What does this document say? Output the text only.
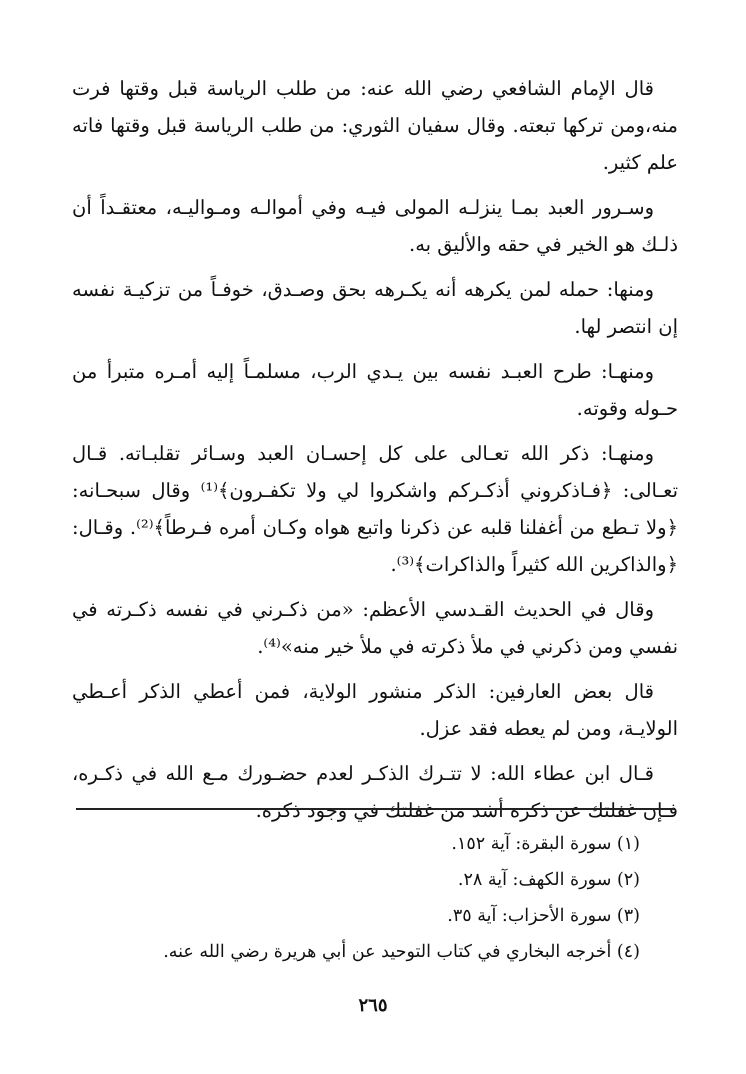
قال الإمام الشافعي رضي الله عنه: من طلب الرياسة قبل وقتها فرت منه،ومن تركها تبعته. وقال سفيان الثوري: من طلب الرياسة قبل وقتها فاته علم كثير.

وسـرور العبد بمـا ينزلـه المولى فيـه وفي أموالـه ومـواليـه، معتقـداً أن ذلـك هو الخير في حقه والأليق به.

ومنها: حمله لمن يكرهه أنه يكـرهه بحق وصـدق، خوفـاً من تزكيـة نفسه إن انتصر لها.

ومنهـا: طرح العبـد نفسه بين يـدي الرب، مسلمـاً إليه أمـره متبرأ من حـوله وقوته.

ومنهـا: ذكر الله تعـالى على كل إحسـان العبد وسـائر تقلبـاته. قـال تعـالى: ﴿فـاذكروني أذكـركم واشكروا لي ولا تكفـرون﴾⁽¹⁾ وقال سبحـانه: ﴿ولا تـطع من أغفلنا قلبه عن ذكرنا واتبع هواه وكـان أمره فـرطاً﴾⁽²⁾. وقـال: ﴿والذاكرين الله كثيراً والذاكرات﴾⁽³⁾.

وقال في الحديث القـدسي الأعظم: «من ذكـرني في نفسه ذكـرته في نفسي ومن ذكرني في ملأ ذكرته في ملأ خير منه»⁽⁴⁾.

قال بعض العارفين: الذكر منشور الولاية، فمن أعطي الذكر أعـطي الولايـة، ومن لم يعطه فقد عزل.

قـال ابن عطاء الله: لا تتـرك الذكـر لعدم حضـورك مـع الله في ذكـره، فـإن غفلتك عن ذكره أشد من غفلتك في وجود ذكره.

(١) سورة البقرة: آية ١٥٢.

(٢) سورة الكهف: آية ٢٨.

(٣) سورة الأحزاب: آية ٣٥.

(٤) أخرجه البخاري في كتاب التوحيد عن أبي هريرة رضي الله عنه.

٢٦٥
